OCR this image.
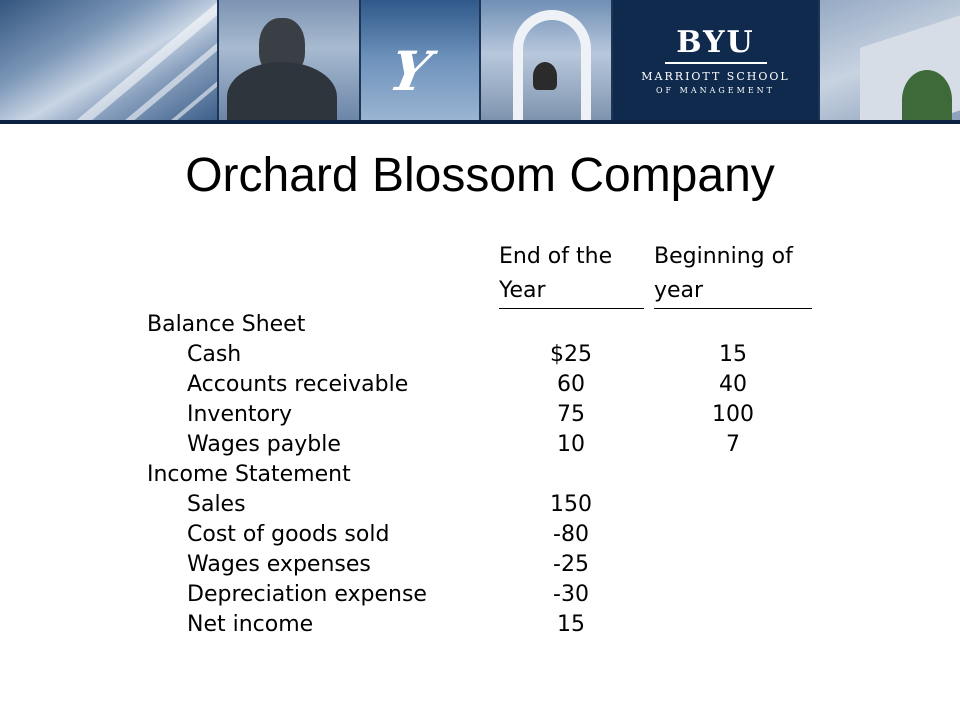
Y	BYU
MARRIOTT SCHOOL
OF MANAGEMENT
Orchard Blossom Company
End of the
Year
Beginning of
year
Balance Sheet
Cash	$25	15
Accounts receivable	60	40
Inventory	75	100
Wages payble	10	7
Income Statement
Sales	150
Cost of goods sold	-80
Wages expenses	-25
Depreciation expense	-30
Net income	15
